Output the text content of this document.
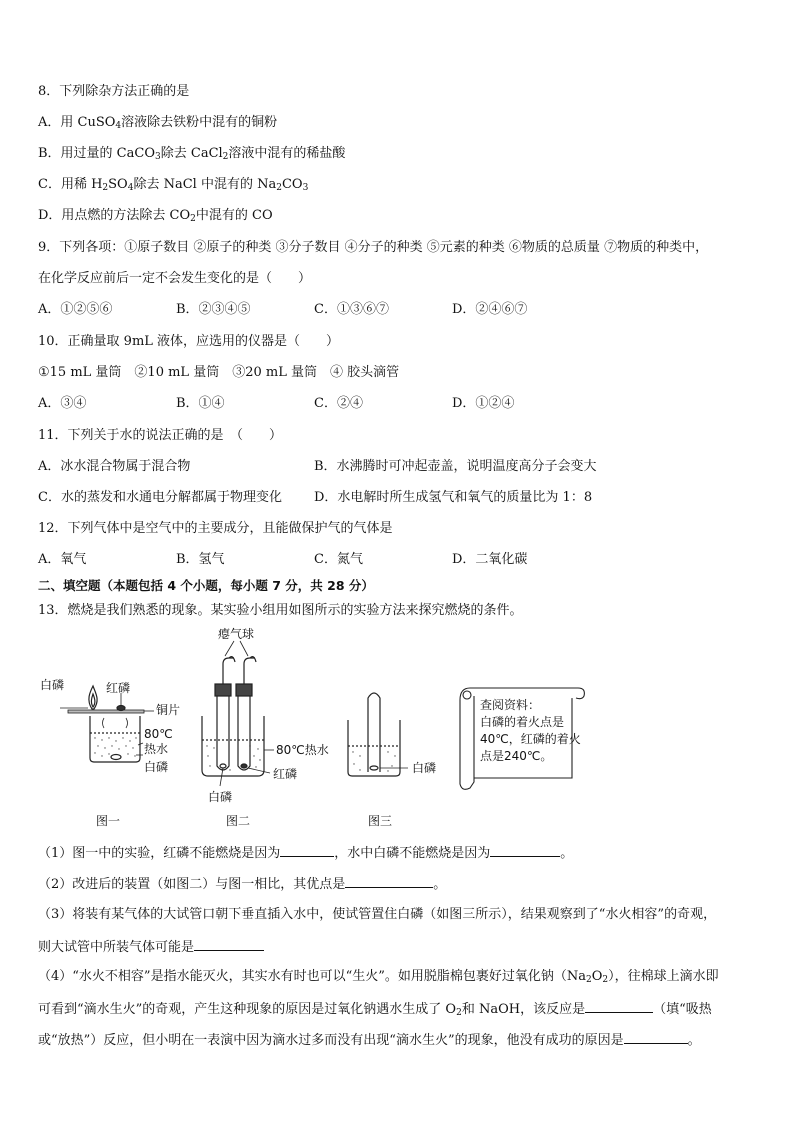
8．下列除杂方法正确的是
A．用 CuSO$_4$溶液除去铁粉中混有的铜粉
B．用过量的 CaCO$_3$除去 CaCl$_2$溶液中混有的稀盐酸
C．用稀 $H_2SO_4$除去 NaCl 中混有的 $Na_2CO_3$
D．用点燃的方法除去 $CO_2$中混有的 CO
9．下列各项：①原子数目 ②原子的种类 ③分子数目 ④分子的种类 ⑤元素的种类 ⑥物质的总质量 ⑦物质的种类中，
在化学反应前后一定不会发生变化的是（　　）
A．①②⑤⑥	B．②③④⑤	C．①③⑥⑦	D．②④⑥⑦
10．正确量取 9mL 液体，应选用的仪器是（　　）
①15 mL 量筒　②10 mL 量筒　③20 mL 量筒　④ 胶头滴管
A．③④	B．①④	C．②④	D．①②④
11．下列关于水的说法正确的是　（　　）
A．冰水混合物属于混合物	B．水沸腾时可冲起壶盖，说明温度高分子会变大
C．水的蒸发和水通电分解都属于物理变化 D．水电解时所生成氢气和氧气的质量比为 1：8
12．下列气体中是空气中的主要成分，且能做保护气的气体是
A．氧气	B．氢气	C．氮气	D．二氧化碳
二、填空题（本题包括 4 个小题，每小题 7 分，共 28 分）
13．燃烧是我们熟悉的现象。某实验小组用如图所示的实验方法来探究燃烧的条件。
白磷	红磷
铜片
80℃
热水
白磷
图一
瘪气球
80℃热水
红磷
白磷
图二
白磷
图三
查阅资料：
白磷的着火点是
40℃，红磷的着火
点是240℃。
（1）图一中的实验，红磷不能燃烧是因为	，水中白磷不能燃烧是因为	。
（2）改进后的装置（如图二）与图一相比，其优点是	。
（3）将装有某气体的大试管口朝下垂直插入水中，使试管置住白磷（如图三所示），结果观察到了“水火相容”的奇观，
则大试管中所装气体可能是
（4）“水火不相容”是指水能灭火，其实水有时也可以“生火”。如用脱脂棉包裹好过氧化钠$(Na_2O_2)$，往棉球上滴水即
可看到“滴水生火”的奇观，产生这种现象的原因是过氧化钠遇水生成了 $O_2$和 NaOH，该反应是	（填“吸热
或“放热”）反应，但小明在一表演中因为滴水过多而没有出现“滴水生火”的现象，他没有成功的原因是	。
